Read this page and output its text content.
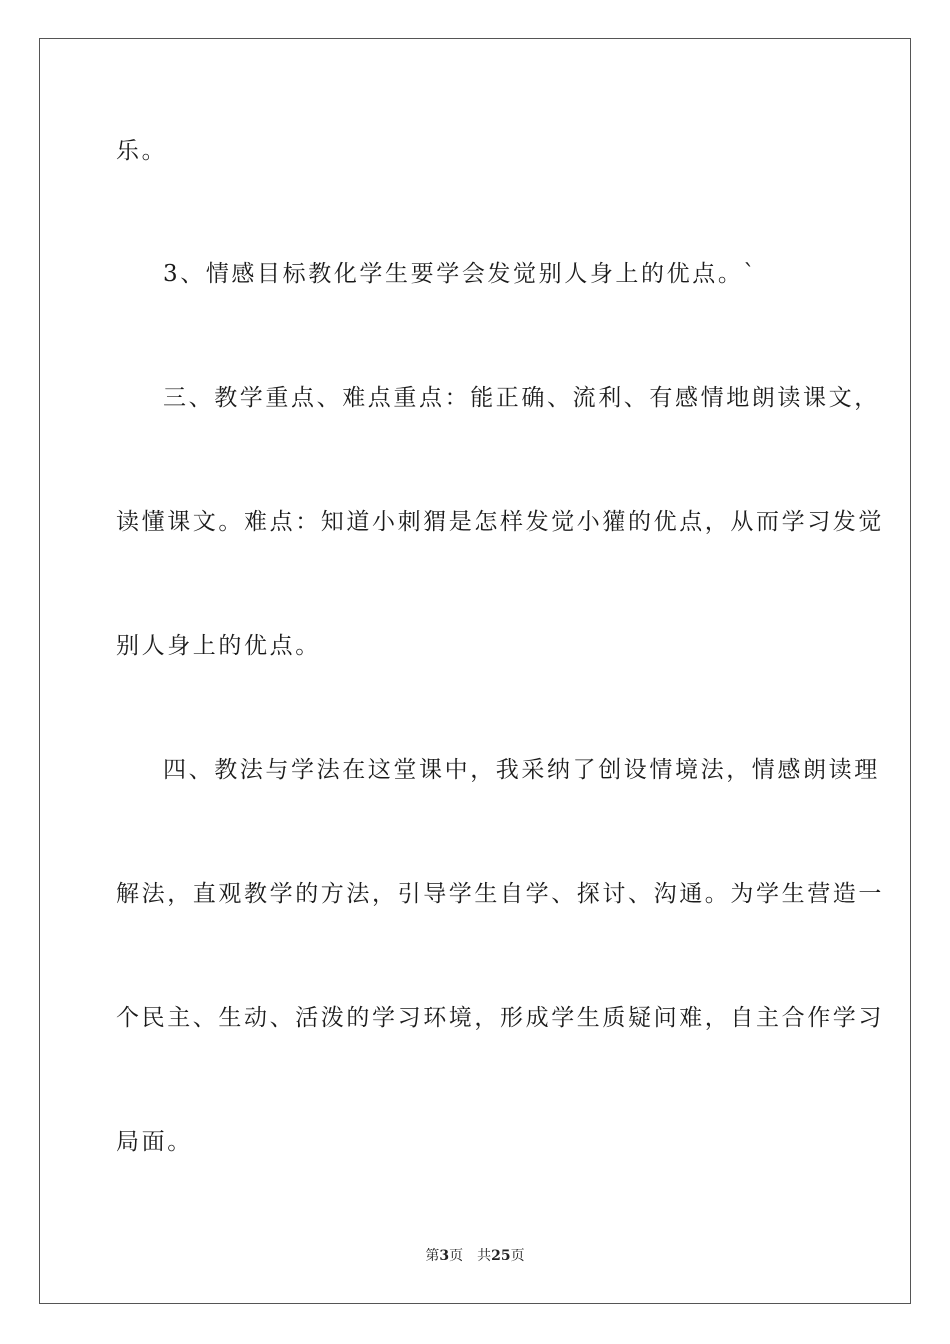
乐。
3、情感目标教化学生要学会发觉别人身上的优点。`
三、教学重点、难点重点：能正确、流利、有感情地朗读课文，
读懂课文。难点：知道小刺猬是怎样发觉小獾的优点，从而学习发觉
别人身上的优点。
四、教法与学法在这堂课中，我采纳了创设情境法，情感朗读理
解法，直观教学的方法，引导学生自学、探讨、沟通。为学生营造一
个民主、生动、活泼的学习环境，形成学生质疑问难，自主合作学习
局面。
第3页 共25页
